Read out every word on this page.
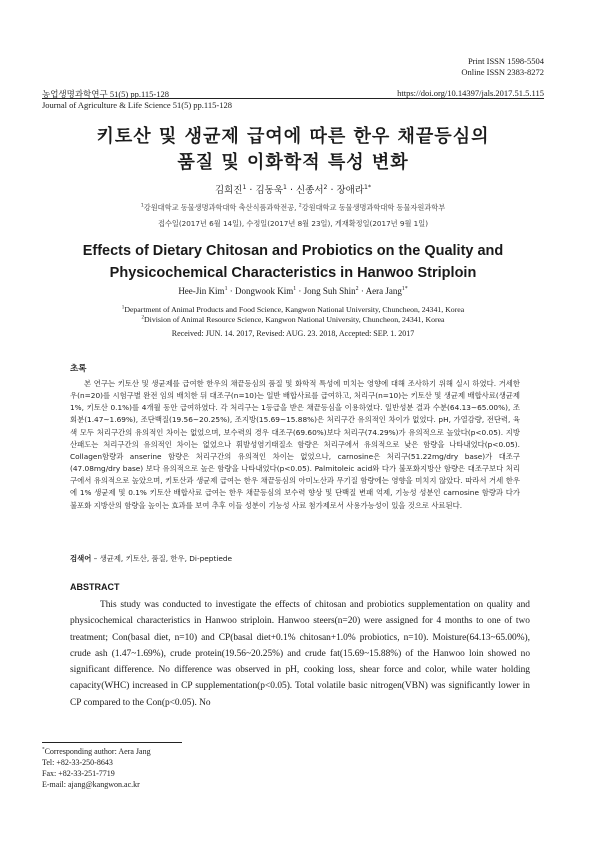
Print ISSN 1598-5504
Online ISSN 2383-8272
농업생명과학연구 51(5) pp.115-128	https://doi.org/10.14397/jals.2017.51.5.115
Journal of Agriculture & Life Science 51(5) pp.115-128
키토산 및 생균제 급여에 따른 한우 채끝등심의
품질 및 이화학적 특성 변화
김희진$^1$ · 김동욱$^1$ · 신종서$^2$ · 장애라$^{1*}$
$^1$강원대학교 동물생명과학대학 축산식품과학전공, $^2$강원대학교 동물생명과학대학 동물자원과학부
접수일(2017년 6월 14일), 수정일(2017년 8월 23일), 게재확정일(2017년 9월 1일)
Effects of Dietary Chitosan and Probiotics on the Quality and
Physicochemical Characteristics in Hanwoo Striploin
Hee-Jin Kim$^1$ · Dongwook Kim$^1$ · Jong Suh Shin$^2$ · Aera Jang$^{1*}$
$^1$Department of Animal Products and Food Science, Kangwon National University, Chuncheon, 24341, Korea
$^2$Division of Animal Resource Science, Kangwon National University, Chuncheon, 24341, Korea
Received: JUN. 14. 2017, Revised: AUG. 23. 2018, Accepted: SEP. 1. 2017
초록

본 연구는 키토산 및 생균제를 급여한 한우의 채끝등심의 품질 및 화학적 특성에 미치는 영향에 대해 조사하기 위해 실시 하였다. 거세한우(n=20)를 시험구별 완전 임의 배치한 뒤 대조구(n=10)는 일반 배합사료를 급여하고, 처리구(n=10)는 키토산 및 생균제 배합사료(생균제 1%, 키토산 0.1%)를 4개월 동안 급여하였다. 각 처리구는 1등급을 받은 채끝등심을 이용하였다. 일반성분 결과 수분(64.13~65.00%), 조회분(1.47~1.69%), 조단백질(19.56~20.25%), 조지방(15.69~15.88%)은 처리구간 유의적인 차이가 없었다. pH, 가열감량, 전단력, 육색 모두 처리구간의 유의적인 차이는 없었으며, 보수력의 경우 대조구(69.60%)보다 처리구(74.29%)가 유의적으로 높았다(p<0.05). 지방산패도는 처리구간의 유의적인 차이는 없었으나 휘발성염기태질소 함량은 처리구에서 유의적으로 낮은 함량을 나타내었다(p<0.05). Collagen함량과 anserine 함량은 처리구간의 유의적인 차이는 없었으나, carnosine은 처리구(51.22mg/dry base)가 대조구(47.08mg/dry base) 보다 유의적으로 높은 함량을 나타내었다(p<0.05). Palmitoleic acid와 다가 불포화지방산 함량은 대조구보다 처리구에서 유의적으로 높았으며, 키토산과 생균제 급여는 한우 채끝등심의 아미노산과 무기질 함량에는 영향을 미치지 않았다. 따라서 거세 한우에 1% 생균제 및 0.1% 키토산 배합사료 급여는 한우 채끝등심의 보수력 향상 및 단백질 변패 억제, 기능성 성분인 carnosine 함량과 다가 불포화 지방산의 함량을 높이는 효과를 보여 추후 이들 성분이 기능성 사료 첨가제로서 사용가능성이 있을 것으로 사료된다.

검색어 – 생균제, 키토산, 품질, 한우, Di-peptiede
ABSTRACT

This study was conducted to investigate the effects of chitosan and probiotics supplementation on quality and physicochemical characteristics in Hanwoo striploin. Hanwoo steers(n=20) were assigned for 4 months to one of two treatment; Con(basal diet, n=10) and CP(basal diet+0.1% chitosan+1.0% probiotics, n=10). Moisture(64.13~65.00%), crude ash (1.47~1.69%), crude protein(19.56~20.25%) and crude fat(15.69~15.88%) of the Hanwoo loin showed no significant difference. No difference was observed in pH, cooking loss, shear force and color, while water holding capacity(WHC) increased in CP supplementation(p<0.05). Total volatile basic nitrogen(VBN) was significantly lower in CP compared to the Con(p<0.05). No

*Corresponding author: Aera Jang
Tel: +82-33-250-8643
Fax: +82-33-251-7719
E-mail: ajang@kangwon.ac.kr
